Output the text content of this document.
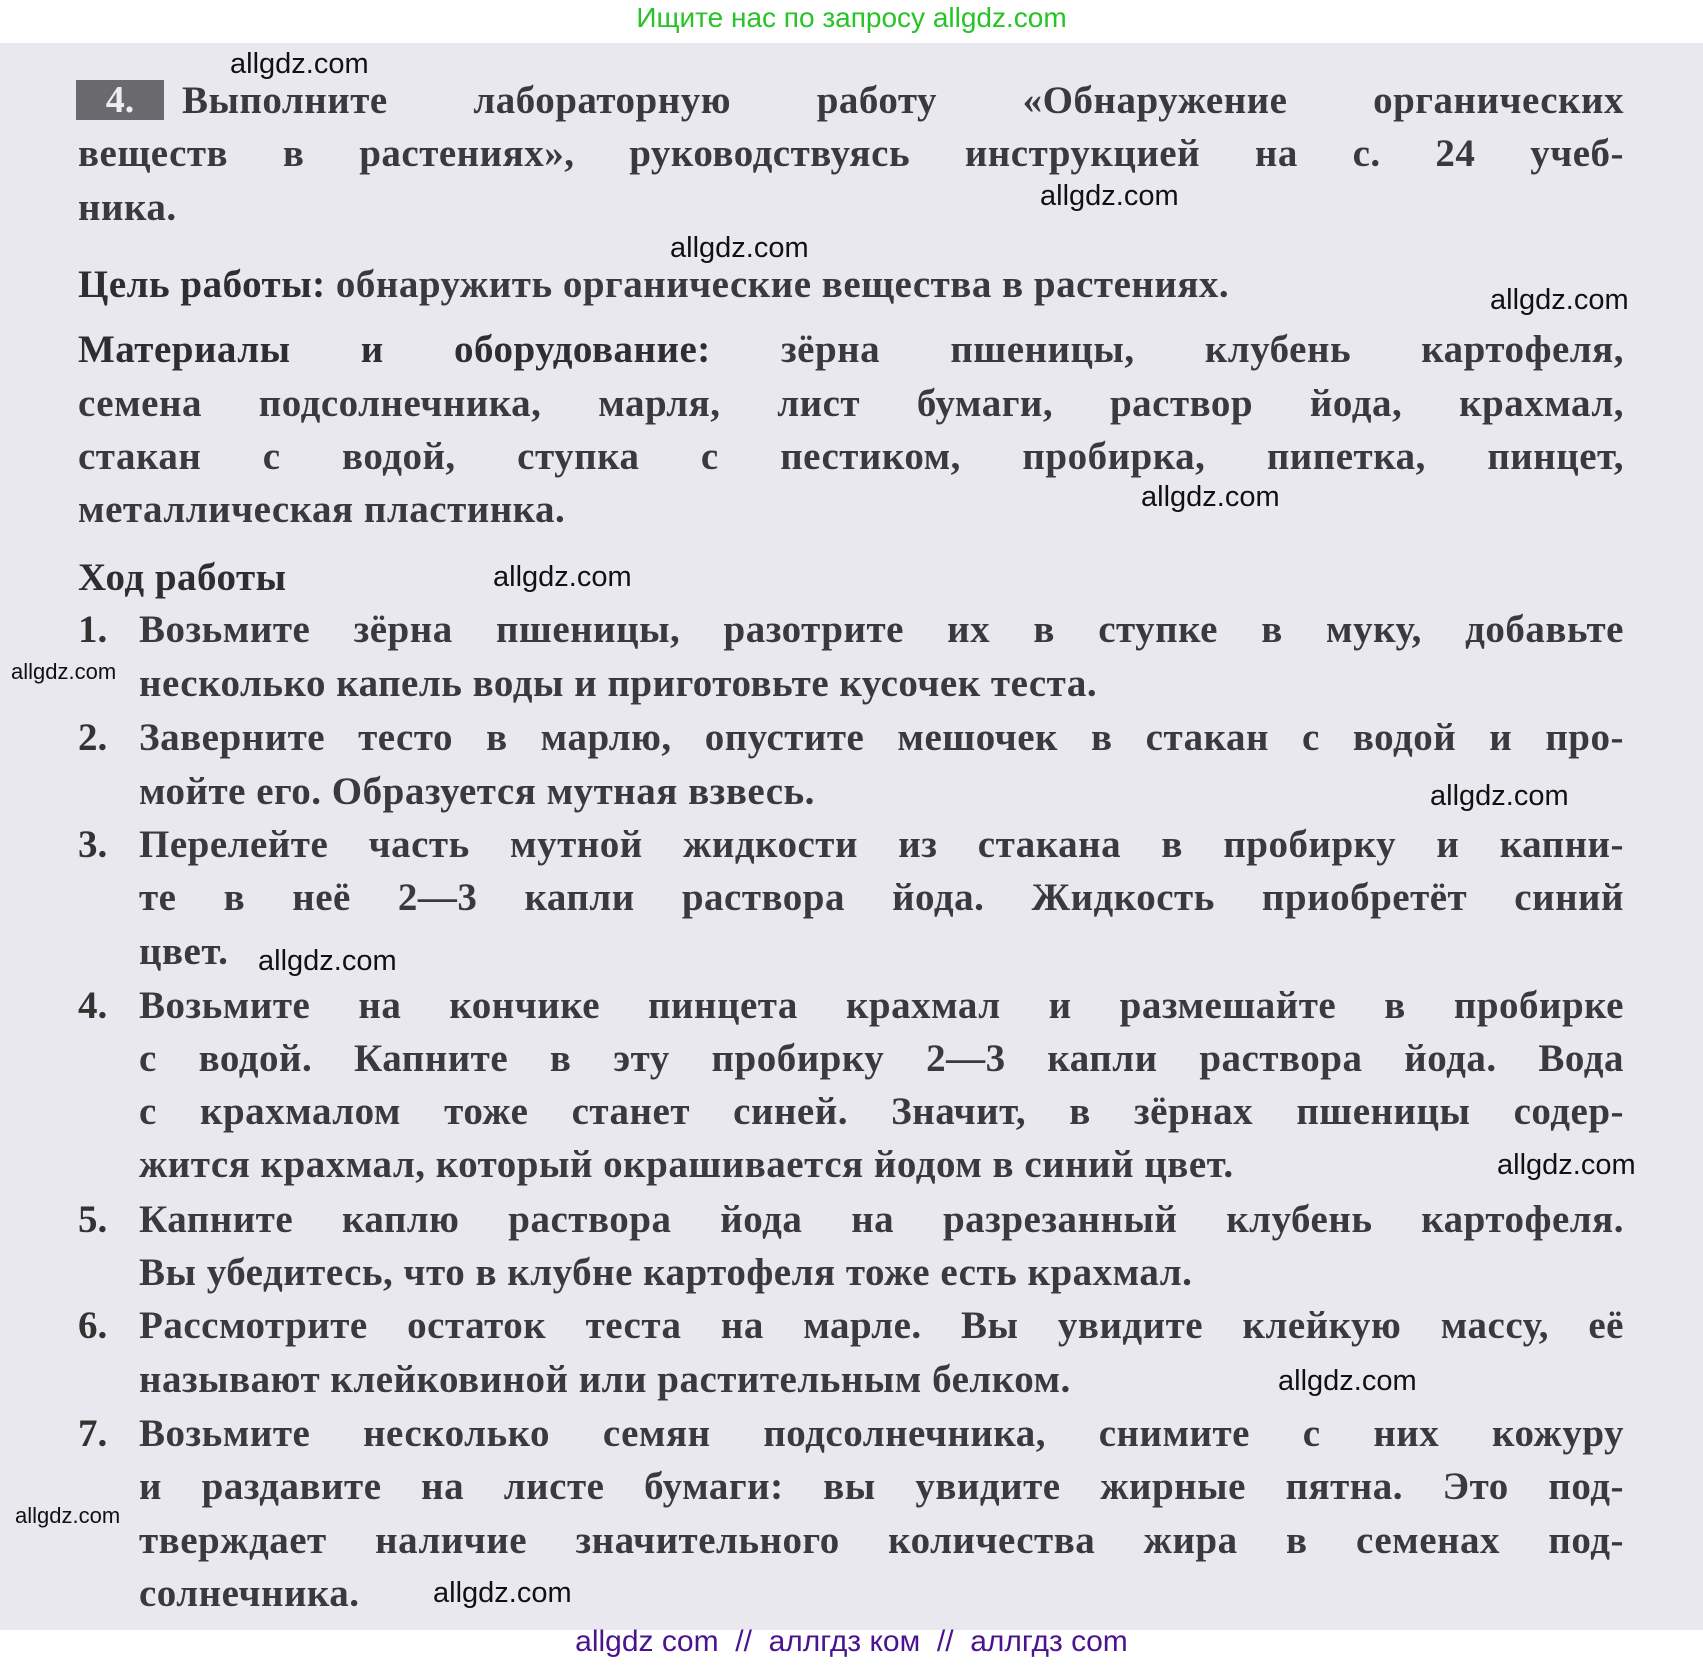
Ищите нас по запросу allgdz.com
4.	Выполните лабораторную работу «Обнаружение органических
веществ в растениях», руководствуясь инструкцией на с. 24 учеб-
ника.
Цель работы: обнаружить органические вещества в растениях.
Материалы и оборудование: зёрна пшеницы, клубень картофеля,
семена подсолнечника, марля, лист бумаги, раствор йода, крахмал,
стакан с водой, ступка с пестиком, пробирка, пипетка, пинцет,
металлическая пластинка.
Ход работы
1. Возьмите зёрна пшеницы, разотрите их в ступке в муку, добавьте
несколько капель воды и приготовьте кусочек теста.
2. Заверните тесто в марлю, опустите мешочек в стакан с водой и про-
мойте его. Образуется мутная взвесь.
3. Перелейте часть мутной жидкости из стакана в пробирку и капни-
те в неё 2—3 капли раствора йода. Жидкость приобретёт синий
цвет.
4. Возьмите на кончике пинцета крахмал и размешайте в пробирке
с водой. Капните в эту пробирку 2—3 капли раствора йода. Вода
с крахмалом тоже станет синей. Значит, в зёрнах пшеницы содер-
жится крахмал, который окрашивается йодом в синий цвет.
5. Капните каплю раствора йода на разрезанный клубень картофеля.
Вы убедитесь, что в клубне картофеля тоже есть крахмал.
6. Рассмотрите остаток теста на марле. Вы увидите клейкую массу, её
называют клейковиной или растительным белком.
7. Возьмите несколько семян подсолнечника, снимите с них кожуру
и раздавите на листе бумаги: вы увидите жирные пятна. Это под-
тверждает наличие значительного количества жира в семенах под-
солнечника.
allgdz.com
allgdz.com
allgdz.com
allgdz.com
allgdz.com
allgdz.com
allgdz.com
allgdz.com
allgdz.com
allgdz.com
allgdz.com
allgdz.com
allgdz.com
allgdz com  //  аллгдз ком  //  аллгдз com
